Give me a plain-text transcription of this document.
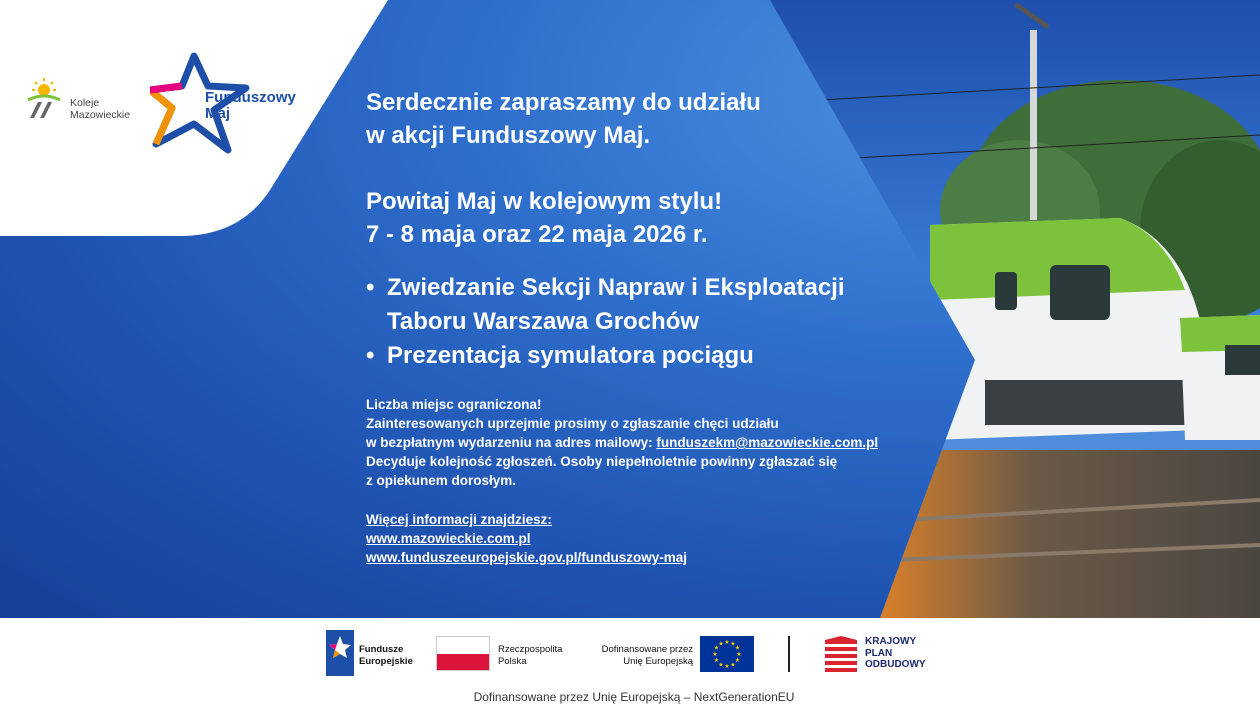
Koleje
Mazowieckie
Funduszowy
Maj	Serdecznie zapraszamy do udziału

w akcji Funduszowy Maj.

Powitaj Maj w kolejowym stylu!

7 - 8 maja oraz 22 maja 2026 r.

• Zwiedzanie Sekcji Napraw i Eksploatacji
Taboru Warszawa Grochów
• Prezentacja symulatora pociągu

Liczba miejsc ograniczona!

Zainteresowanych uprzejmie prosimy o zgłaszanie chęci udziału

w bezpłatnym wydarzeniu na adres mailowy: funduszekm@mazowieckie.com.pl

Decyduje kolejność zgłoszeń. Osoby niepełnoletnie powinny zgłaszać się

z opiekunem dorosłym.

Więcej informacji znajdziesz:

www.mazowieckie.com.pl

www.funduszeeuropejskie.gov.pl/funduszowy-maj

Fundusze
Europejskie
Rzeczpospolita
Polska
Dofinansowane przez
Unię Europejską
★ ★
★
★
★
★
★
★
★
★
★
★	KRAJOWY
PLAN
ODBUDOWY
Dofinansowane przez Unię Europejską – NextGenerationEU
